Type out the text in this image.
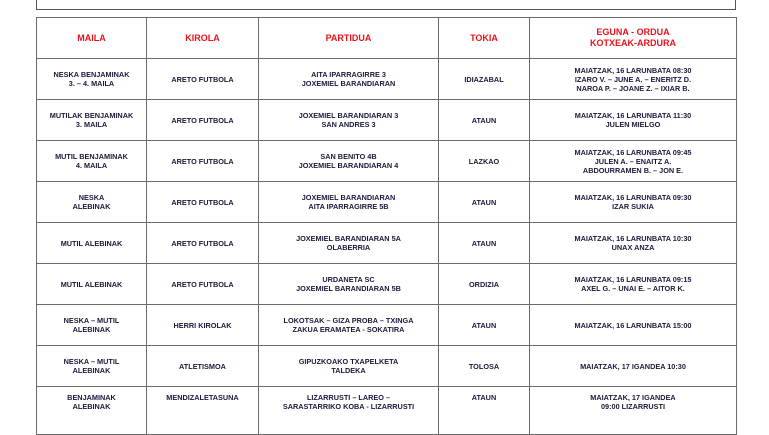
MAILA	KIROLA	PARTIDUA	TOKIA	EGUNA - ORDUA
KOTXEAK-ARDURA

NESKA BENJAMINAK
3. – 4. MAILA	ARETO FUTBOLA	AITA IPARRAGIRRE 3
JOXEMIEL BARANDIARAN	IDIAZABAL	MAIATZAK, 16 LARUNBATA 08:30
IZARO V. – JUNE A. – ENERITZ D.
NAROA P. – JOANE Z. – IXIAR B.

MUTILAK BENJAMINAK
3. MAILA	ARETO FUTBOLA	JOXEMIEL BARANDIARAN 3
SAN ANDRES 3	ATAUN	MAIATZAK, 16 LARUNBATA 11:30
JULEN MIELGO

MUTIL BENJAMINAK
4. MAILA	ARETO FUTBOLA	SAN BENITO 4B
JOXEMIEL BARANDIARAN 4	LAZKAO	MAIATZAK, 16 LARUNBATA 09:45
JULEN A. – ENAITZ A.
ABDOURRAMEN B. – JON E.

NESKA
ALEBINAK	ARETO FUTBOLA	JOXEMIEL BARANDIARAN
AITA IPARRAGIRRE 5B	ATAUN	MAIATZAK, 16 LARUNBATA 09:30
IZAR SUKIA

MUTIL ALEBINAK	ARETO FUTBOLA	JOXEMIEL BARANDIARAN 5A
OLABERRIA	ATAUN	MAIATZAK, 16 LARUNBATA 10:30
UNAX ANZA

MUTIL ALEBINAK	ARETO FUTBOLA	URDANETA SC
JOXEMIEL BARANDIARAN 5B	ORDIZIA	MAIATZAK, 16 LARUNBATA 09:15
AXEL G. – UNAI E. – AITOR K.

NESKA – MUTIL
ALEBINAK	HERRI KIROLAK	LOKOTSAK – GIZA PROBA – TXINGA
ZAKUA ERAMATEA - SOKATIRA	ATAUN	MAIATZAK, 16 LARUNBATA 15:00

NESKA – MUTIL
ALEBINAK	ATLETISMOA	GIPUZKOAKO TXAPELKETA
TALDEKA	TOLOSA	MAIATZAK, 17 IGANDEA 10:30

BENJAMINAK
ALEBINAK	MENDIZALETASUNA	LIZARRUSTI – LAREO –
SARASTARRIKO KOBA - LIZARRUSTI	ATAUN	MAIATZAK, 17 IGANDEA
09:00 LIZARRUSTI
